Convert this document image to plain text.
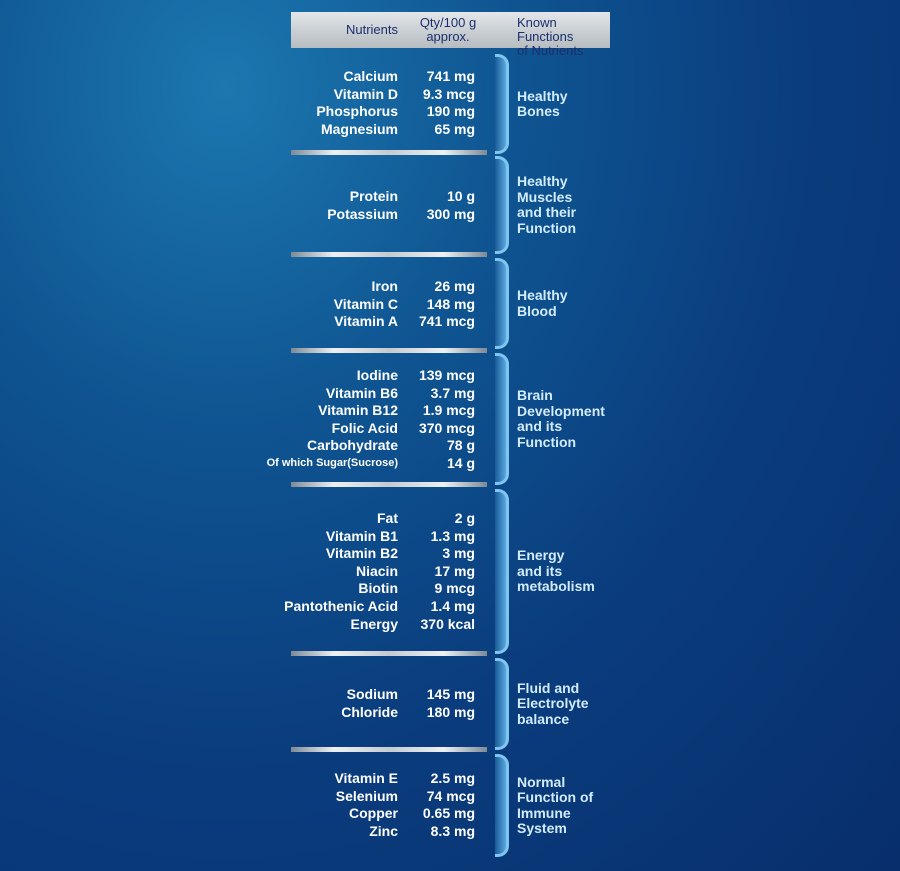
Nutrients Qty/100 g
approx.
Known Functions
of Nutrients
Calcium	741 mg
Vitamin D	9.3 mcg
Phosphorus	190 mg
Magnesium	65 mg
Healthy
Bones
Protein	10 g
Potassium	300 mg
Healthy
Muscles
and their
Function
Iron	26 mg
Vitamin C	148 mg
Vitamin A	741 mcg
Healthy
Blood
Iodine	139 mcg
Vitamin B6	3.7 mg
Vitamin B12	1.9 mcg
Folic Acid	370 mcg
Carbohydrate	78 g
Of which Sugar(Sucrose)	14 g
Brain
Development
and its
Function
Fat	2 g
Vitamin B1	1.3 mg
Vitamin B2	3 mg
Niacin	17 mg
Biotin	9 mcg
Pantothenic Acid	1.4 mg
Energy	370 kcal
Energy
and its
metabolism
Sodium	145 mg
Chloride	180 mg
Fluid and
Electrolyte
balance
Vitamin E	2.5 mg
Selenium	74 mcg
Copper	0.65 mg
Zinc	8.3 mg
Normal
Function of
Immune
System
